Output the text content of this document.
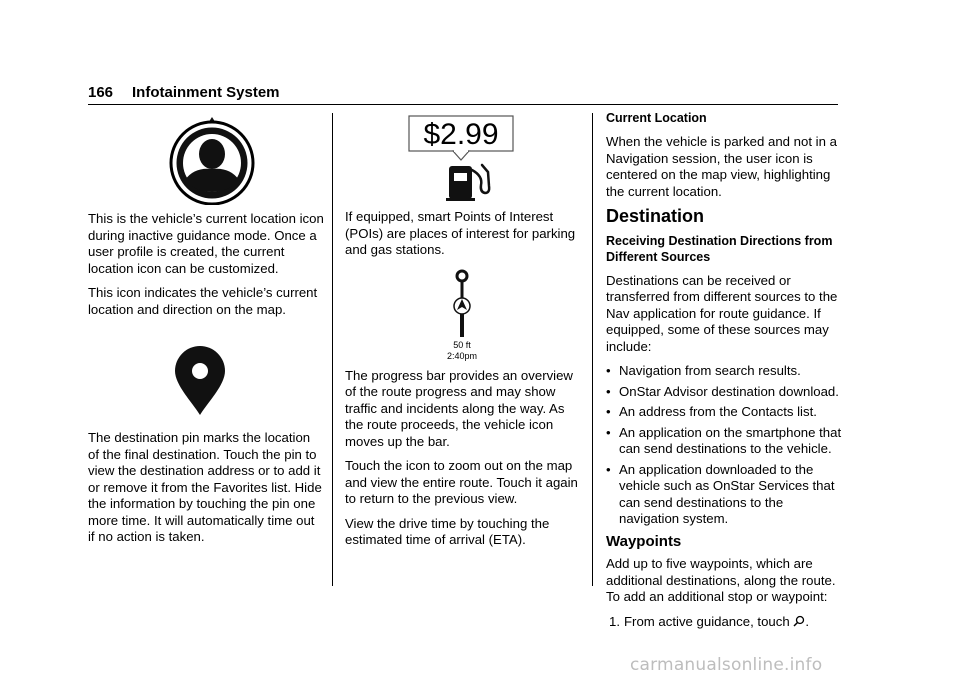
166 Infotainment System

This is the vehicle’s current location icon during inactive guidance mode. Once a user profile is created, the current location icon can be customized.

This icon indicates the vehicle’s current location and direction on the map.

The destination pin marks the location of the final destination. Touch the pin to view the destination address or to add it or remove it from the Favorites list. Hide the information by touching the pin one more time. It will automatically time out if no action is taken.

$2.99

If equipped, smart Points of Interest (POIs) are places of interest for parking and gas stations.

50 ft
2:40pm

The progress bar provides an overview of the route progress and may show traffic and incidents along the way. As the route proceeds, the vehicle icon moves up the bar.

Touch the icon to zoom out on the map and view the entire route. Touch it again to return to the previous view.

View the drive time by touching the estimated time of arrival (ETA).

Current Location

When the vehicle is parked and not in a Navigation session, the user icon is centered on the map view, highlighting the current location.

Destination
Receiving Destination Directions from Different Sources

Destinations can be received or transferred from different sources to the Nav application for route guidance. If equipped, some of these sources may include:

• Navigation from search results.
• OnStar Advisor destination download.
• An address from the Contacts list.
• An application on the smartphone that can send destinations to the vehicle.
• An application downloaded to the vehicle such as OnStar Services that can send destinations to the navigation system.
Waypoints

Add up to five waypoints, which are additional destinations, along the route. To add an additional stop or waypoint:

1. From active guidance, touch .
carmanualsonline.info
